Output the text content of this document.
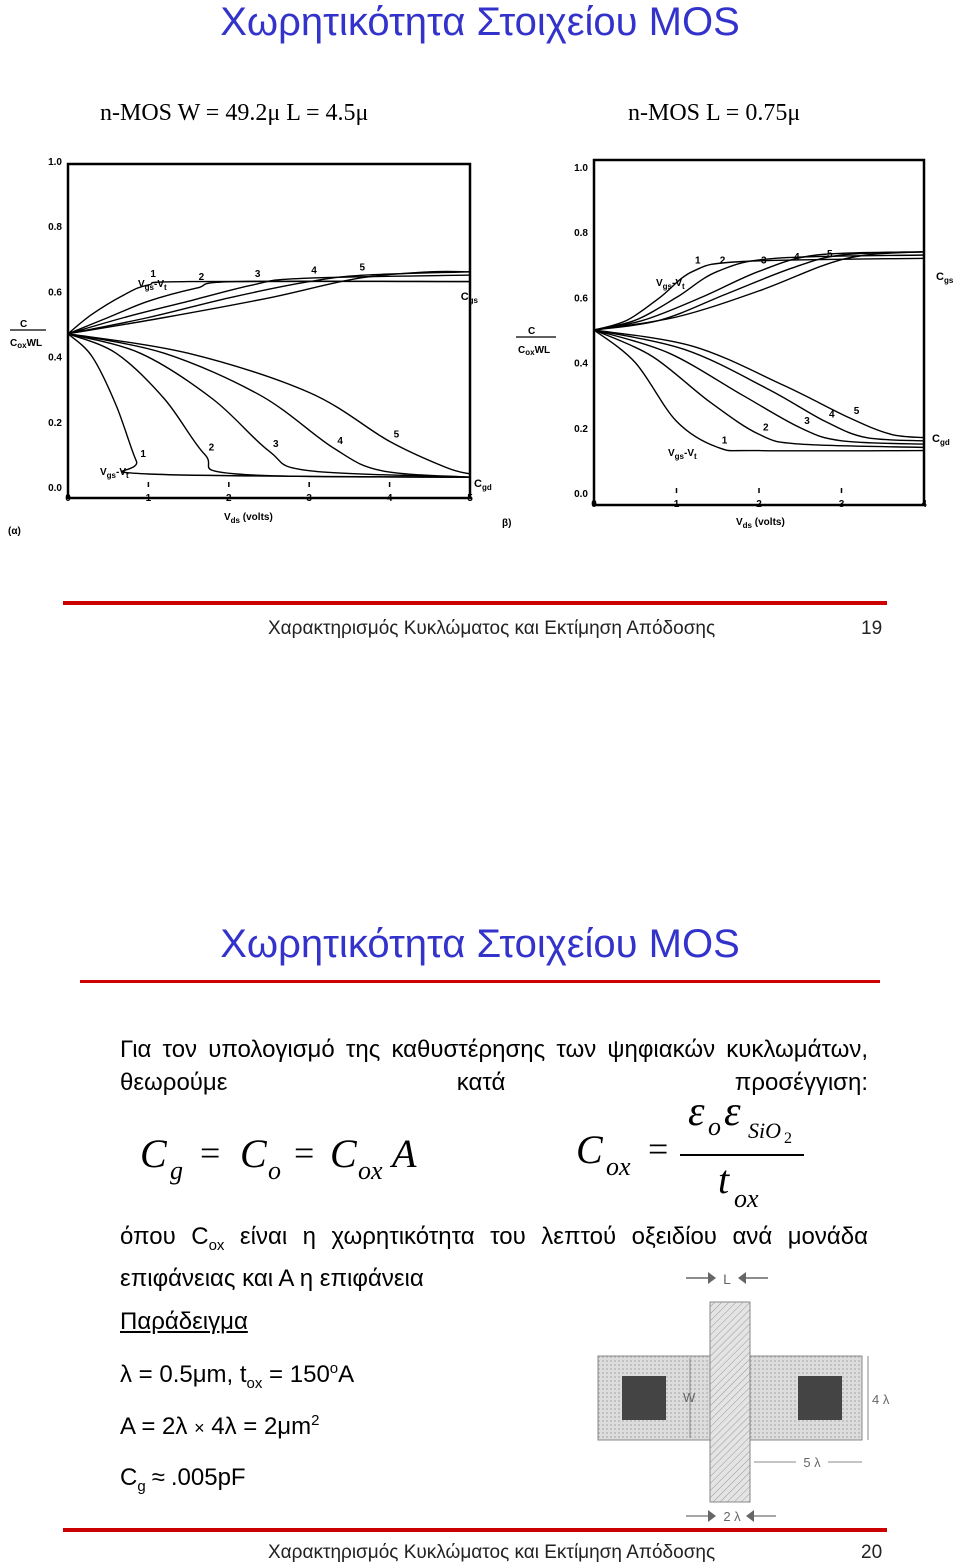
Χωρητικότητα Στοιχείου MOS
n-MOS W = 49.2μ L = 4.5μ	n-MOS L = 0.75μ
0.0
0.2
0.4
0.6
0.8
1.0
0	1	2	3	4	5
1	2	3	4	5
1
2	3	4
5
C
$C_{ox}WL$
$C_{gs}$
$C_{gd}$
$V_{gs}-V_t$
$V_{gs}-V_t$
$V_{ds}$ (volts)
(α)
0.0
0.2
0.4
0.6
0.8
1.0
0	1	2	3	4
1 2	3	4	5
1
2
3
4 5
C
$C_{ox}WL$
$C_{gs}$
$C_{gd}$
$V_{gs}-V_t$
$V_{gs}-V_t$
$V_{ds}$ (volts)
β)
Χαρακτηρισμός Κυκλώματος και Εκτίμηση Απόδοσης	19
Χωρητικότητα Στοιχείου MOS
Για τον υπολογισμό της καθυστέρησης των ψηφιακών κυκλωμάτων, θεωρούμε κατά προσέγγιση:
C g = C o = C ox A	C ox =
ε o ε SiO 2
t ox
όπου $C_{ox}$ είναι η χωρητικότητα του λεπτού οξειδίου ανά μονάδα επιφάνειας και Α η επιφάνεια
Παράδειγμα
λ = 0.5μm, $t_{ox} = 150^oA$
$A = 2\lambda \times 4\lambda = 2\mu m^2$
$C_g \approx .005pF$
L
W	4 λ
5 λ
2 λ
Χαρακτηρισμός Κυκλώματος και Εκτίμηση Απόδοσης	20
